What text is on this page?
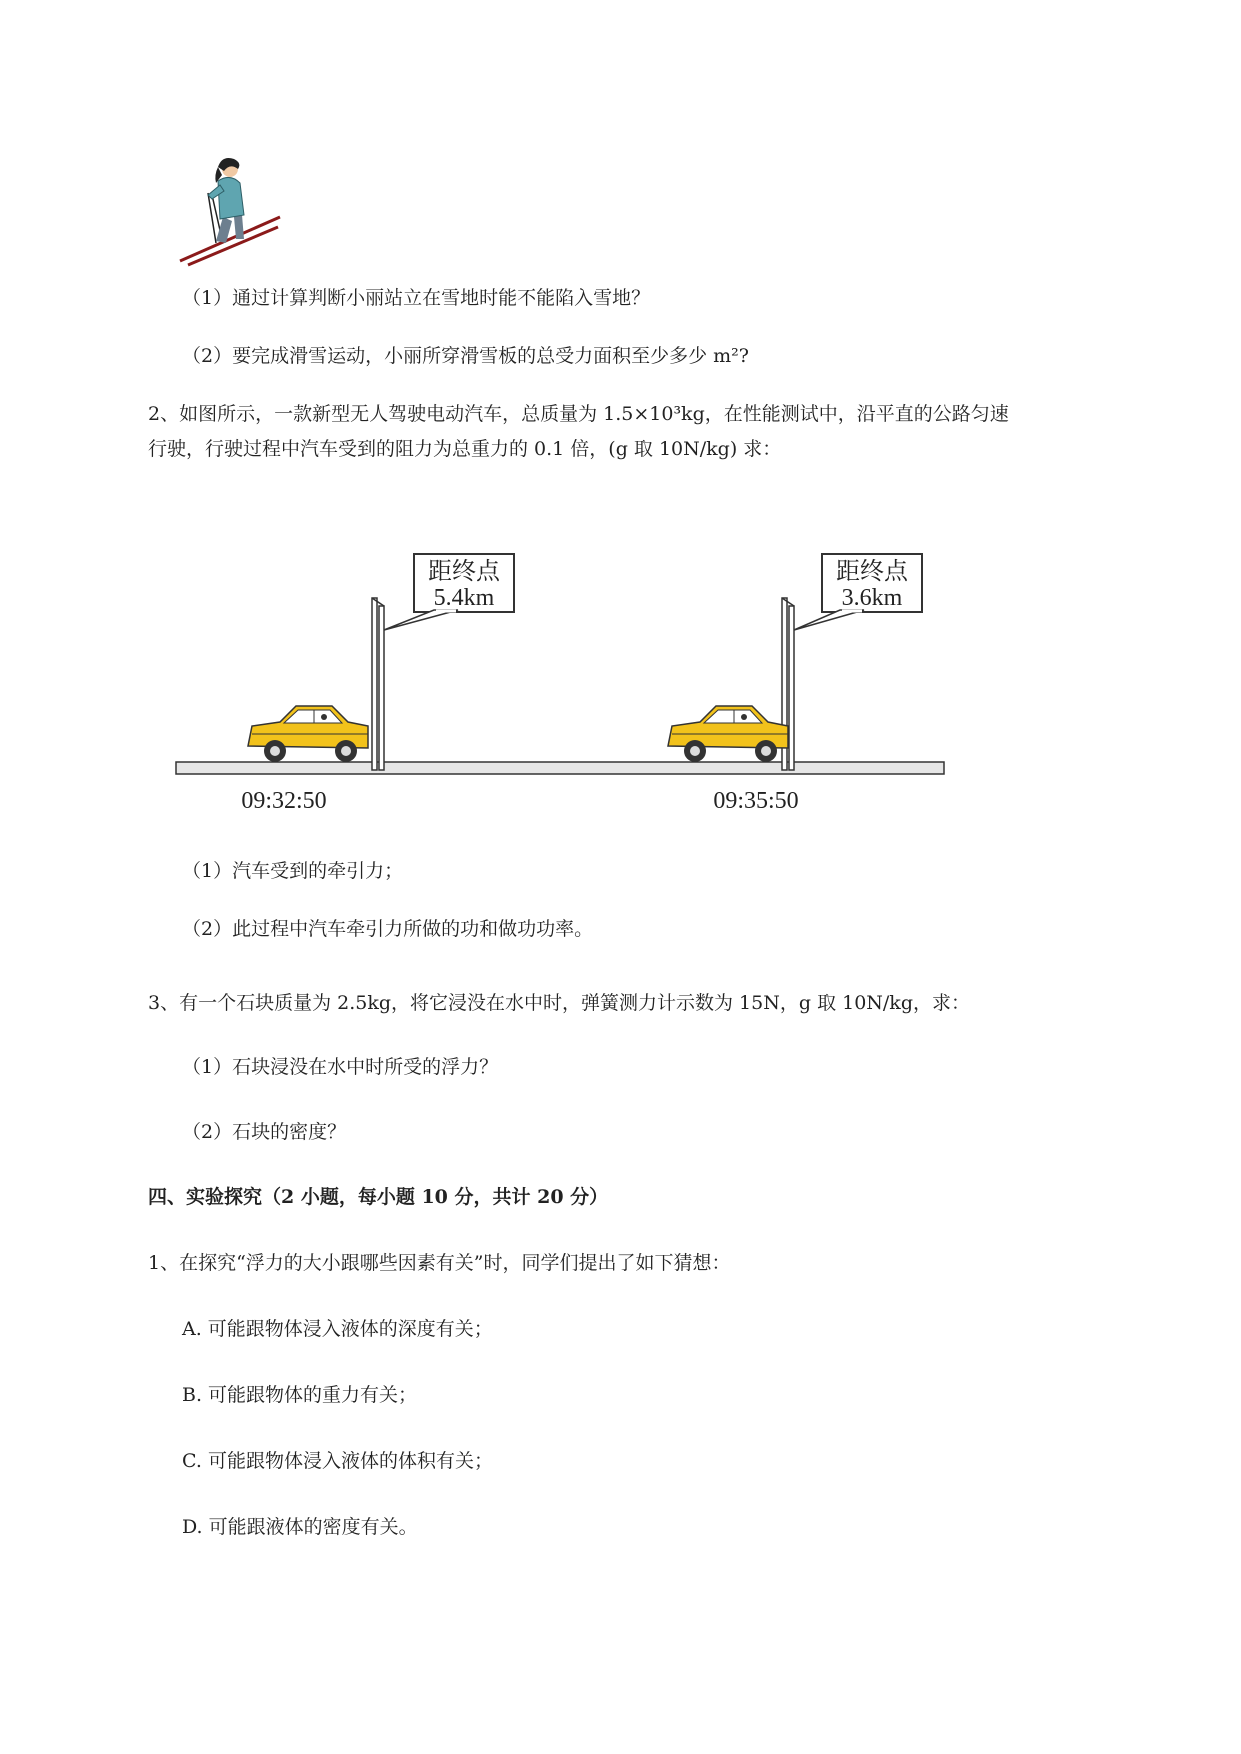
（1）通过计算判断小丽站立在雪地时能不能陷入雪地？
（2）要完成滑雪运动，小丽所穿滑雪板的总受力面积至少多少 m²?
2、如图所示，一款新型无人驾驶电动汽车，总质量为 1.5×10³kg，在性能测试中，沿平直的公路匀速
行驶，行驶过程中汽车受到的阻力为总重力的 0.1 倍，(g 取 10N/kg) 求：
距终点
5.4km
距终点
3.6km
09:32:50	09:35:50
（1）汽车受到的牵引力；
（2）此过程中汽车牵引力所做的功和做功功率。
3、有一个石块质量为 2.5kg，将它浸没在水中时，弹簧测力计示数为 15N，g 取 10N/kg，求：
（1）石块浸没在水中时所受的浮力？
（2）石块的密度？
四、实验探究（2 小题，每小题 10 分，共计 20 分）
1、在探究“浮力的大小跟哪些因素有关”时，同学们提出了如下猜想：
A. 可能跟物体浸入液体的深度有关；
B. 可能跟物体的重力有关；
C. 可能跟物体浸入液体的体积有关；
D. 可能跟液体的密度有关。
